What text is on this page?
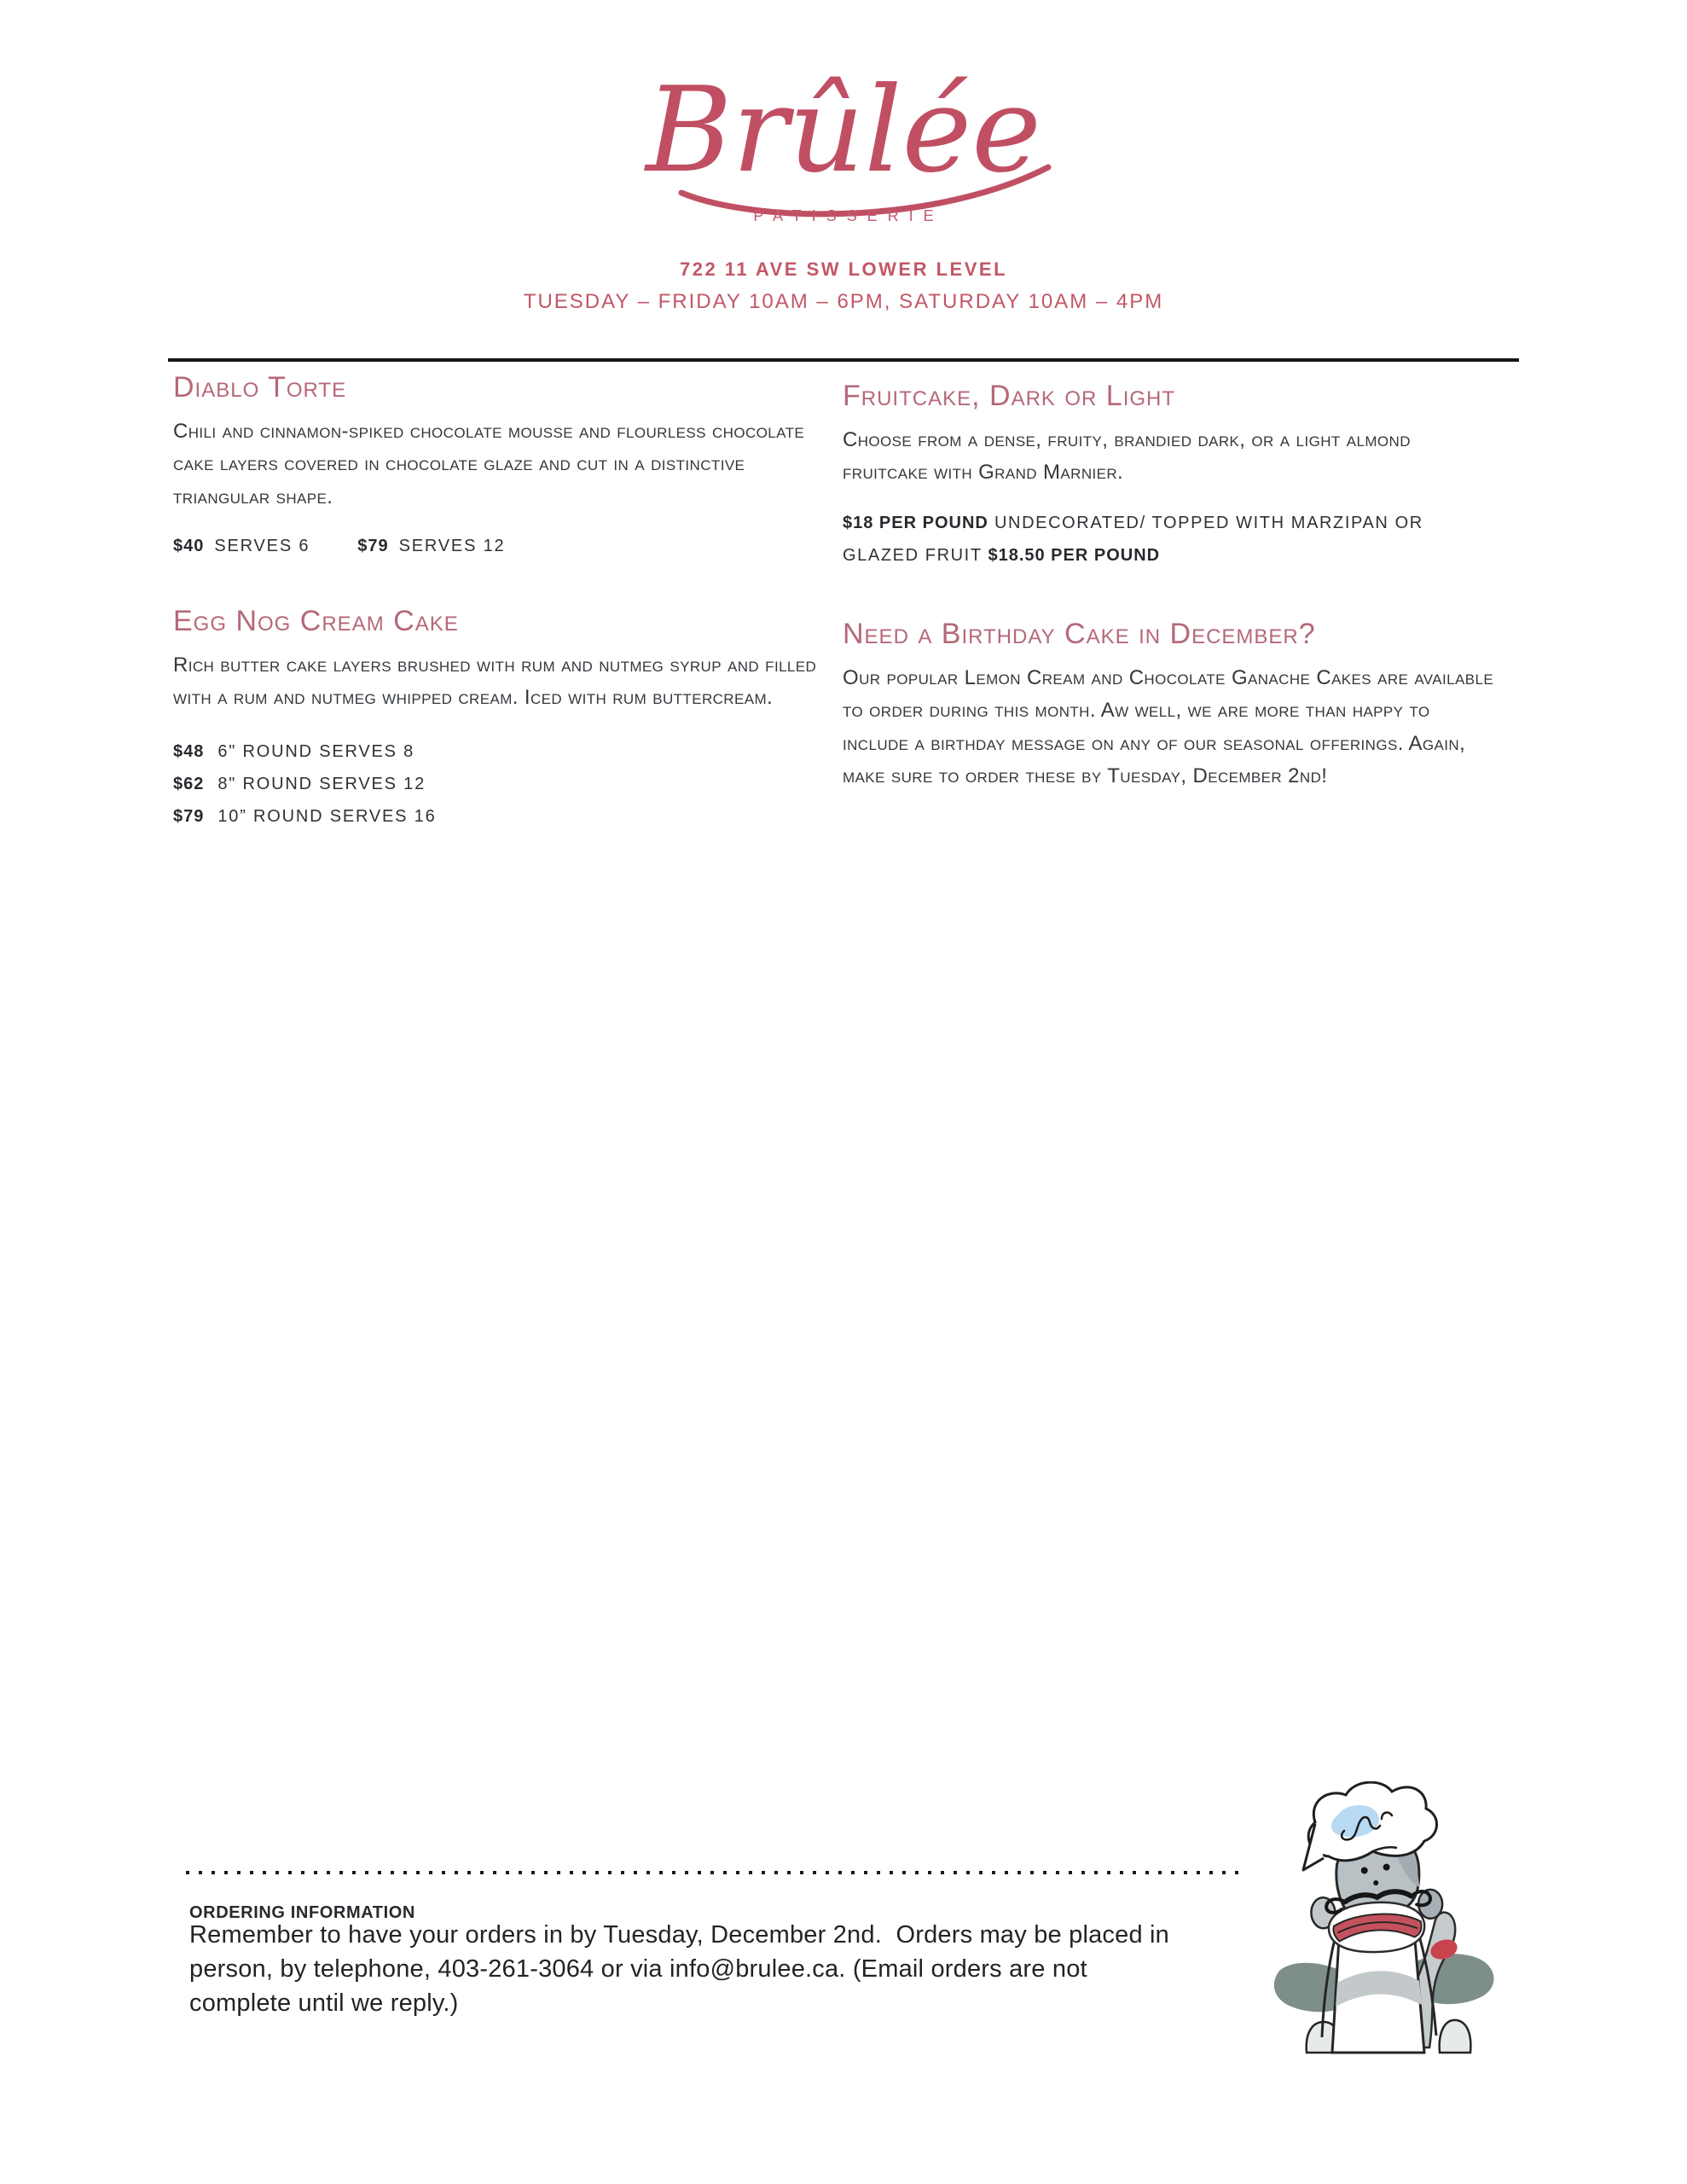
Brûlée
PATISSERIE
722 11 AVE SW LOWER LEVEL
TUESDAY – FRIDAY 10AM – 6PM, SATURDAY 10AM – 4PM
Diablo Torte

Chili and cinnamon-spiked chocolate mousse and flourless chocolate cake layers covered in chocolate glaze and cut in a distinctive triangular shape.

$40 SERVES 6	$79 SERVES 12
Egg Nog Cream Cake

Rich butter cake layers brushed with rum and nutmeg syrup and filled with a rum and nutmeg whipped cream. Iced with rum buttercream.

$48 6" ROUND SERVES 8
$62 8" ROUND SERVES 12
$79 10” ROUND SERVES 16
Fruitcake, Dark or Light

Choose from a dense, fruity, brandied dark, or a light almond fruitcake with Grand Marnier.

$18 PER POUND UNDECORATED/ TOPPED WITH MARZIPAN OR GLAZED FRUIT $18.50 PER POUND

Need a Birthday Cake in December?

Our popular Lemon Cream and Chocolate Ganache Cakes are available to order during this month. Aw well, we are more than happy to include a birthday message on any of our seasonal offerings. Again, make sure to order these by Tuesday, December 2nd!

ORDERING INFORMATION

Remember to have your orders in by Tuesday, December 2nd.  Orders may be placed in person, by telephone, 403-261-3064 or via info@brulee.ca. (Email orders are not complete until we reply.)
